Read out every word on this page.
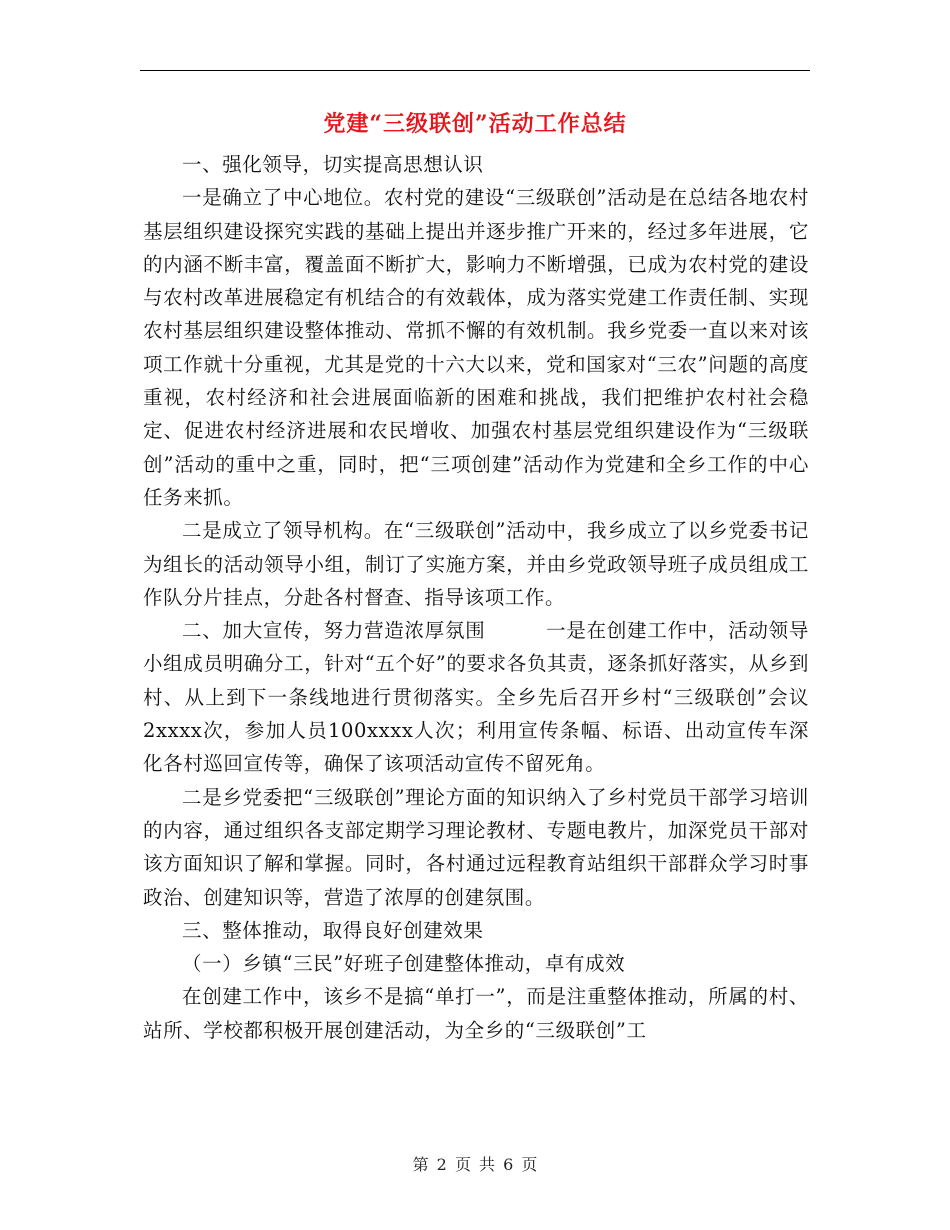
党建“三级联创”活动工作总结

一、强化领导，切实提高思想认识

一是确立了中心地位。农村党的建设“三级联创”活动是在总结各地农村基层组织建设探究实践的基础上提出并逐步推广开来的，经过多年进展，它的内涵不断丰富，覆盖面不断扩大，影响力不断增强，已成为农村党的建设与农村改革进展稳定有机结合的有效载体，成为落实党建工作责任制、实现农村基层组织建设整体推动、常抓不懈的有效机制。我乡党委一直以来对该项工作就十分重视，尤其是党的十六大以来，党和国家对“三农”问题的高度重视，农村经济和社会进展面临新的困难和挑战，我们把维护农村社会稳定、促进农村经济进展和农民增收、加强农村基层党组织建设作为“三级联创”活动的重中之重，同时，把“三项创建”活动作为党建和全乡工作的中心任务来抓。

二是成立了领导机构。在“三级联创”活动中，我乡成立了以乡党委书记为组长的活动领导小组，制订了实施方案，并由乡党政领导班子成员组成工作队分片挂点，分赴各村督查、指导该项工作。

二、加大宣传，努力营造浓厚氛围　　　一是在创建工作中，活动领导小组成员明确分工，针对“五个好”的要求各负其责，逐条抓好落实，从乡到村、从上到下一条线地进行贯彻落实。全乡先后召开乡村“三级联创”会议2xxxx次，参加人员100xxxx人次；利用宣传条幅、标语、出动宣传车深化各村巡回宣传等，确保了该项活动宣传不留死角。

二是乡党委把“三级联创”理论方面的知识纳入了乡村党员干部学习培训的内容，通过组织各支部定期学习理论教材、专题电教片，加深党员干部对该方面知识了解和掌握。同时，各村通过远程教育站组织干部群众学习时事政治、创建知识等，营造了浓厚的创建氛围。

三、整体推动，取得良好创建效果

（一）乡镇“三民”好班子创建整体推动，卓有成效

在创建工作中，该乡不是搞“单打一”，而是注重整体推动，所属的村、站所、学校都积极开展创建活动，为全乡的“三级联创”工

第 2 页 共 6 页
